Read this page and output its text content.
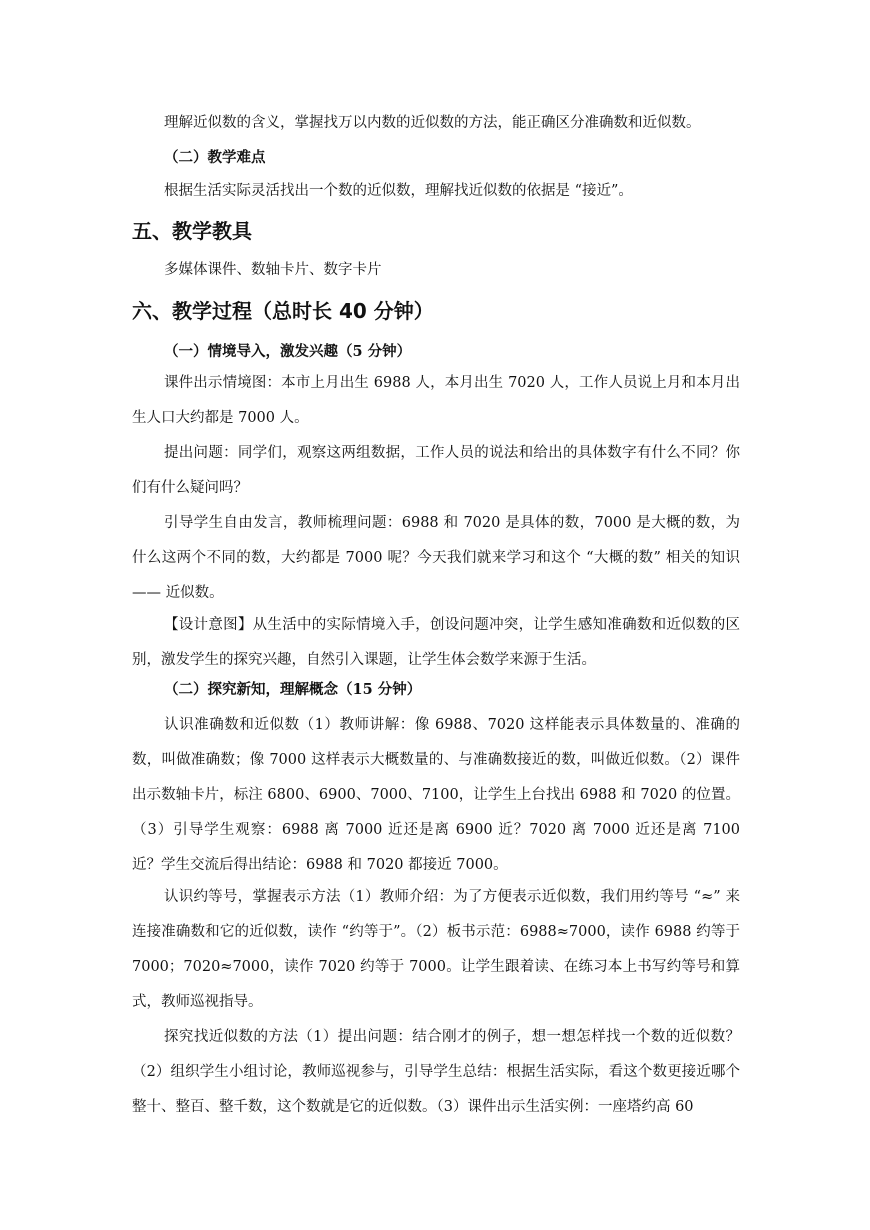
理解近似数的含义，掌握找万以内数的近似数的方法，能正确区分准确数和近似数。
（二）教学难点
根据生活实际灵活找出一个数的近似数，理解找近似数的依据是 “接近”。
五、教学教具
多媒体课件、数轴卡片、数字卡片
六、教学过程（总时长 40 分钟）
（一）情境导入，激发兴趣（5 分钟）
课件出示情境图：本市上月出生 6988 人，本月出生 7020 人，工作人员说上月和本月出生人口大约都是 7000 人。
提出问题：同学们，观察这两组数据，工作人员的说法和给出的具体数字有什么不同？你们有什么疑问吗？
引导学生自由发言，教师梳理问题：6988 和 7020 是具体的数，7000 是大概的数，为什么这两个不同的数，大约都是 7000 呢？今天我们就来学习和这个 “大概的数” 相关的知识 —— 近似数。
【设计意图】从生活中的实际情境入手，创设问题冲突，让学生感知准确数和近似数的区别，激发学生的探究兴趣，自然引入课题，让学生体会数学来源于生活。
（二）探究新知，理解概念（15 分钟）
认识准确数和近似数（1）教师讲解：像 6988、7020 这样能表示具体数量的、准确的数，叫做准确数；像 7000 这样表示大概数量的、与准确数接近的数，叫做近似数。（2）课件出示数轴卡片，标注 6800、6900、7000、7100，让学生上台找出 6988 和 7020 的位置。（3）引导学生观察：6988 离 7000 近还是离 6900 近？7020 离 7000 近还是离 7100 近？学生交流后得出结论：6988 和 7020 都接近 7000。
认识约等号，掌握表示方法（1）教师介绍：为了方便表示近似数，我们用约等号 “≈” 来连接准确数和它的近似数，读作 “约等于”。（2）板书示范：6988≈7000，读作 6988 约等于 7000；7020≈7000，读作 7020 约等于 7000。让学生跟着读、在练习本上书写约等号和算式，教师巡视指导。
探究找近似数的方法（1）提出问题：结合刚才的例子，想一想怎样找一个数的近似数？（2）组织学生小组讨论，教师巡视参与，引导学生总结：根据生活实际，看这个数更接近哪个整十、整百、整千数，这个数就是它的近似数。（3）课件出示生活实例：一座塔约高 60
